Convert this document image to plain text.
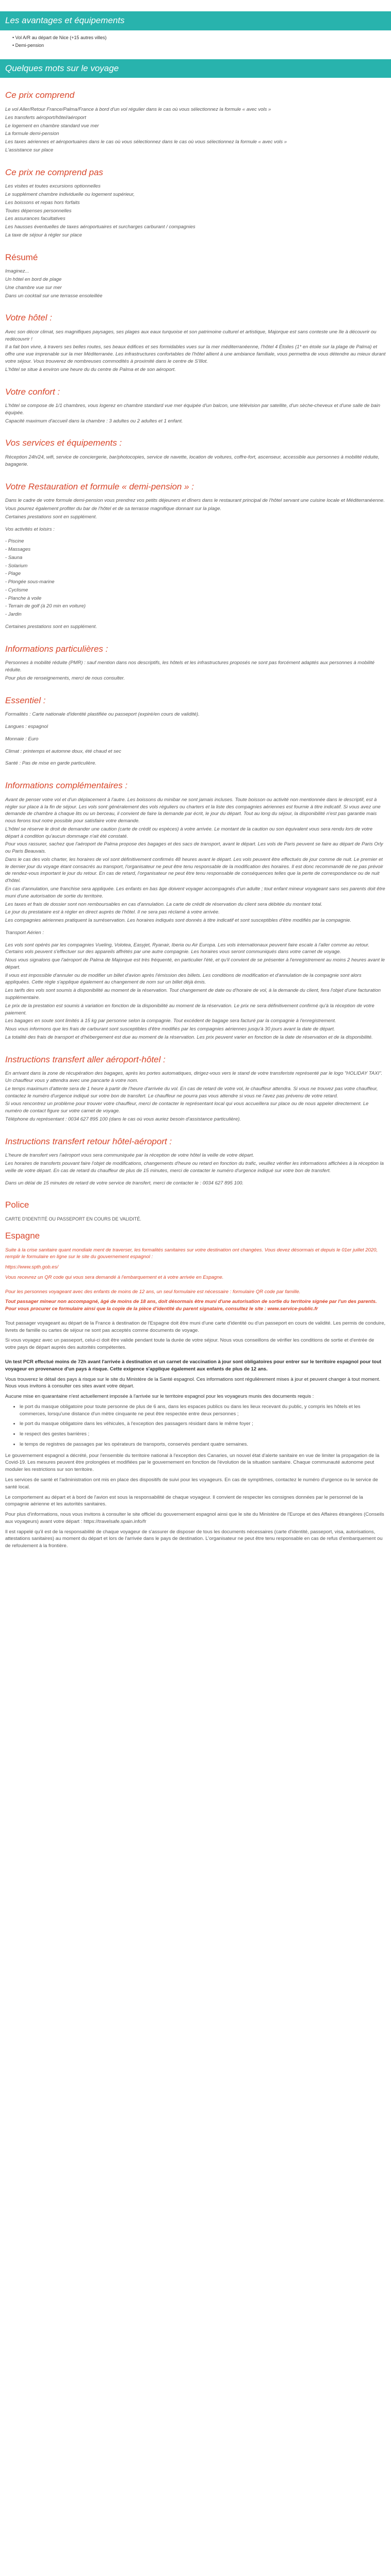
Les avantages et équipements
• Vol A/R au départ de Nice (+15 autres villes)
• Demi-pension
Quelques mots sur le voyage
Ce prix comprend

Le vol Aller/Retour France/Palma/France à bord d'un vol régulier dans le cas où vous sélectionnez la formule « avec vols »

Les transferts aéroport/hôtel/aéroport

Le logement en chambre standard vue mer

La formule demi-pension

Les taxes aériennes et aéroportuaires dans le cas où vous sélectionnez dans le cas où vous sélectionnez la formule « avec vols »

L'assistance sur place

Ce prix ne comprend pas

Les visites et toutes excursions optionnelles

Le supplément chambre individuelle ou logement supérieur,

Les boissons et repas hors forfaits

Toutes dépenses personnelles

Les assurances facultatives

Les hausses éventuelles de taxes aéroportuaires et surcharges carburant / compagnies

La taxe de séjour à régler sur place

Résumé

Imaginez...

Un hôtel en bord de plage

Une chambre vue sur mer

Dans un cocktail sur une terrasse ensoleillée

Votre hôtel :

Avec son décor climat, ses magnifiques paysages, ses plages aux eaux turquoise et son patrimoine culturel et artistique, Majorque est sans conteste une île à découvrir ou redécouvrir !

Il a fait bon vivre, à travers ses belles routes, ses beaux édifices et ses formidables vues sur la mer méditerranéenne, l'hôtel 4 Étoiles (1* en étoile sur la plage de Palma) et offre une vue imprenable sur la mer Méditerranée. Les infrastructures confortables de l'hôtel allient à une ambiance familiale, vous permettra de vous détendre au mieux durant votre séjour. Vous trouverez de nombreuses commodités à proximité dans le centre de S'Illot.

L'hôtel se situe à environ une heure du du centre de Palma et de son aéroport.

Votre confort :

L'hôtel se compose de 1/1 chambres, vous logerez en chambre standard vue mer équipée d'un balcon, une télévision par satellite, d'un sèche-cheveux et d'une salle de bain équipée.

Capacité maximum d'accueil dans la chambre : 3 adultes ou 2 adultes et 1 enfant.

Vos services et équipements :

Réception 24h/24, wifi, service de conciergerie, bar/photocopies, service de navette, location de voitures, coffre-fort, ascenseur, accessible aux personnes à mobilité réduite, bagagerie.

Votre Restauration et formule « demi-pension » :

Dans le cadre de votre formule demi-pension vous prendrez vos petits déjeuners et dîners dans le restaurant principal de l'hôtel servant une cuisine locale et Méditerranéenne.

Vous pourrez également profiter du bar de l'hôtel et de sa terrasse magnifique donnant sur la plage.

Certaines prestations sont en supplément.

Vos activités et loisirs :

- Piscine

- Massages

- Sauna

- Solarium

- Plage

- Plongée sous-marine

- Cyclisme

- Planche à voile

- Terrain de golf (à 20 min en voiture)

- Jardin

Certaines prestations sont en supplément.

Informations particulières :

Personnes à mobilité réduite (PMR) : sauf mention dans nos descriptifs, les hôtels et les infrastructures proposés ne sont pas forcément adaptés aux personnes à mobilité réduite.

Pour plus de renseignements, merci de nous consulter.

Essentiel :

Formalités : Carte nationale d'identité plastifiée ou passeport (expiré/en cours de validité).

Langues : espagnol

Monnaie : Euro

Climat : printemps et automne doux, été chaud et sec

Santé : Pas de mise en garde particulière.

Informations complémentaires :

Avant de penser votre vol et d'un déplacement à l'autre. Les boissons du minibar ne sont jamais incluses. Toute boisson ou activité non mentionnée dans le descriptif, est à régler sur place à la fin de séjour. Les vols sont généralement des vols réguliers ou charters et la liste des compagnies aériennes est fournie à titre indicatif. Si vous avez une demande de chambre à chaque lits ou un berceau, il convient de faire la demande par écrit, le jour du départ. Tout au long du séjour, la disponibilité n'est pas garantie mais nous ferons tout notre possible pour satisfaire votre demande.

L'hôtel se réserve le droit de demander une caution (carte de crédit ou espèces) à votre arrivée. Le montant de la caution ou son équivalent vous sera rendu lors de votre départ à condition qu'aucun dommage n'ait été constaté.

Pour vous rassurer, sachez que l'aéroport de Palma propose des bagages et des sacs de transport, avant le départ. Les vols de Paris peuvent se faire au départ de Paris Orly ou Paris Beauvais.

Dans le cas des vols charter, les horaires de vol sont définitivement confirmés 48 heures avant le départ. Les vols peuvent être effectués de jour comme de nuit. Le premier et le dernier jour du voyage étant consacrés au transport, l'organisateur ne peut être tenu responsable de la modification des horaires. Il est donc recommandé de ne pas prévoir de rendez-vous important le jour du retour. En cas de retard, l'organisateur ne peut être tenu responsable de conséquences telles que la perte de correspondance ou de nuit d'hôtel.

En cas d'annulation, une franchise sera appliquée. Les enfants en bas âge doivent voyager accompagnés d'un adulte ; tout enfant mineur voyageant sans ses parents doit être muni d'une autorisation de sortie du territoire.

Les taxes et frais de dossier sont non remboursables en cas d'annulation. La carte de crédit de réservation du client sera débitée du montant total.

Le jour du prestataire est à régler en direct auprès de l'hôtel. Il ne sera pas réclamé à votre arrivée.

Les compagnies aériennes pratiquent la surréservation. Les horaires indiqués sont donnés à titre indicatif et sont susceptibles d'être modifiés par la compagnie.

Transport Aérien :

Les vols sont opérés par les compagnies Vueling, Volotea, Easyjet, Ryanair, Iberia ou Air Europa. Les vols internationaux peuvent faire escale à l'aller comme au retour. Certains vols peuvent s'effectuer sur des appareils affrétés par une autre compagnie. Les horaires vous seront communiqués dans votre carnet de voyage.

Nous vous signalons que l'aéroport de Palma de Majorque est très fréquenté, en particulier l'été, et qu'il convient de se présenter à l'enregistrement au moins 2 heures avant le départ.

Il vous est impossible d'annuler ou de modifier un billet d'avion après l'émission des billets. Les conditions de modification et d'annulation de la compagnie sont alors appliquées. Cette règle s'applique également au changement de nom sur un billet déjà émis.

Les tarifs des vols sont soumis à disponibilité au moment de la réservation. Tout changement de date ou d'horaire de vol, à la demande du client, fera l'objet d'une facturation supplémentaire.

Le prix de la prestation est soumis à variation en fonction de la disponibilité au moment de la réservation. Le prix ne sera définitivement confirmé qu'à la réception de votre paiement.

Les bagages en soute sont limités à 15 kg par personne selon la compagnie. Tout excédent de bagage sera facturé par la compagnie à l'enregistrement.

Nous vous informons que les frais de carburant sont susceptibles d'être modifiés par les compagnies aériennes jusqu'à 30 jours avant la date de départ.

La totalité des frais de transport et d'hébergement est due au moment de la réservation. Les prix peuvent varier en fonction de la date de réservation et de la disponibilité.

Instructions transfert aller aéroport-hôtel :

En arrivant dans la zone de récupération des bagages, après les portes automatiques, dirigez-vous vers le stand de votre transferiste représenté par le logo "HOLIDAY TAXI". Un chauffeur vous y attendra avec une pancarte à votre nom.

Le temps maximum d'attente sera de 1 heure à partir de l'heure d'arrivée du vol. En cas de retard de votre vol, le chauffeur attendra. Si vous ne trouvez pas votre chauffeur, contactez le numéro d'urgence indiqué sur votre bon de transfert. Le chauffeur ne pourra pas vous attendre si vous ne l'avez pas prévenu de votre retard.

Si vous rencontrez un problème pour trouver votre chauffeur, merci de contacter le représentant local qui vous accueillera sur place ou de nous appeler directement. Le numéro de contact figure sur votre carnet de voyage.

Téléphone du représentant : 0034 627 895 100 (dans le cas où vous auriez besoin d'assistance particulière).

Instructions transfert retour hôtel-aéroport :

L'heure de transfert vers l'aéroport vous sera communiquée par la réception de votre hôtel la veille de votre départ.

Les horaires de transferts pouvant faire l'objet de modifications, changements d'heure ou retard en fonction du trafic, veuillez vérifier les informations affichées à la réception la veille de votre départ. En cas de retard du chauffeur de plus de 15 minutes, merci de contacter le numéro d'urgence indiqué sur votre bon de transfert.

Dans un délai de 15 minutes de retard de votre service de transfert, merci de contacter le : 0034 627 895 100.

Police

CARTE D'IDENTITÉ OU PASSEPORT EN COURS DE VALIDITÉ.

Espagne

Suite à la crise sanitaire quant mondiale ment de traverser, les formalités sanitaires sur votre destination ont changées. Vous devez désormais et depuis le 01er juillet 2020, remplir le formulaire en ligne sur le site du gouvernement espagnol :

https://www.spth.gob.es/

Vous recevrez un QR code qui vous sera demandé à l'embarquement et à votre arrivée en Espagne.

Pour les personnes voyageant avec des enfants de moins de 12 ans, un seul formulaire est nécessaire : formulaire QR code par famille.

Tout passager mineur non accompagné, âgé de moins de 18 ans, doit désormais être muni d'une autorisation de sortie du territoire signée par l'un des parents. Pour vous procurer ce formulaire ainsi que la copie de la pièce d'identité du parent signataire, consultez le site : www.service-public.fr

Tout passager voyageant au départ de la France à destination de l'Espagne doit être muni d'une carte d'identité ou d'un passeport en cours de validité. Les permis de conduire, livrets de famille ou cartes de séjour ne sont pas acceptés comme documents de voyage.

Si vous voyagez avec un passeport, celui-ci doit être valide pendant toute la durée de votre séjour. Nous vous conseillons de vérifier les conditions de sortie et d'entrée de votre pays de départ auprès des autorités compétentes.

Un test PCR effectué moins de 72h avant l'arrivée à destination et un carnet de vaccination à jour sont obligatoires pour entrer sur le territoire espagnol pour tout voyageur en provenance d'un pays à risque. Cette exigence s'applique également aux enfants de plus de 12 ans.

Vous trouverez le détail des pays à risque sur le site du Ministère de la Santé espagnol. Ces informations sont régulièrement mises à jour et peuvent changer à tout moment. Nous vous invitons à consulter ces sites avant votre départ.

Aucune mise en quarantaine n'est actuellement imposée à l'arrivée sur le territoire espagnol pour les voyageurs munis des documents requis :

• le port du masque obligatoire pour toute personne de plus de 6 ans, dans les espaces publics ou dans les lieux recevant du public, y compris les hôtels et les commerces, lorsqu'une distance d'un mètre cinquante ne peut être respectée entre deux personnes ;
• le port du masque obligatoire dans les véhicules, à l'exception des passagers résidant dans le même foyer ;
• le respect des gestes barrières ;
• le temps de registres de passages par les opérateurs de transports, conservés pendant quatre semaines.

Le gouvernement espagnol a décrété, pour l'ensemble du territoire national à l'exception des Canaries, un nouvel état d'alerte sanitaire en vue de limiter la propagation de la Covid-19. Les mesures peuvent être prolongées et modifiées par le gouvernement en fonction de l'évolution de la situation sanitaire. Chaque communauté autonome peut moduler les restrictions sur son territoire.

Les services de santé et l'administration ont mis en place des dispositifs de suivi pour les voyageurs. En cas de symptômes, contactez le numéro d'urgence ou le service de santé local.

Le comportement au départ et à bord de l'avion est sous la responsabilité de chaque voyageur. Il convient de respecter les consignes données par le personnel de la compagnie aérienne et les autorités sanitaires.

Pour plus d'informations, nous vous invitons à consulter le site officiel du gouvernement espagnol ainsi que le site du Ministère de l'Europe et des Affaires étrangères (Conseils aux voyageurs) avant votre départ : https://travelsafe.spain.info/fr

Il est rappelé qu'il est de la responsabilité de chaque voyageur de s'assurer de disposer de tous les documents nécessaires (carte d'identité, passeport, visa, autorisations, attestations sanitaires) au moment du départ et lors de l'arrivée dans le pays de destination. L'organisateur ne peut être tenu responsable en cas de refus d'embarquement ou de refoulement à la frontière.
